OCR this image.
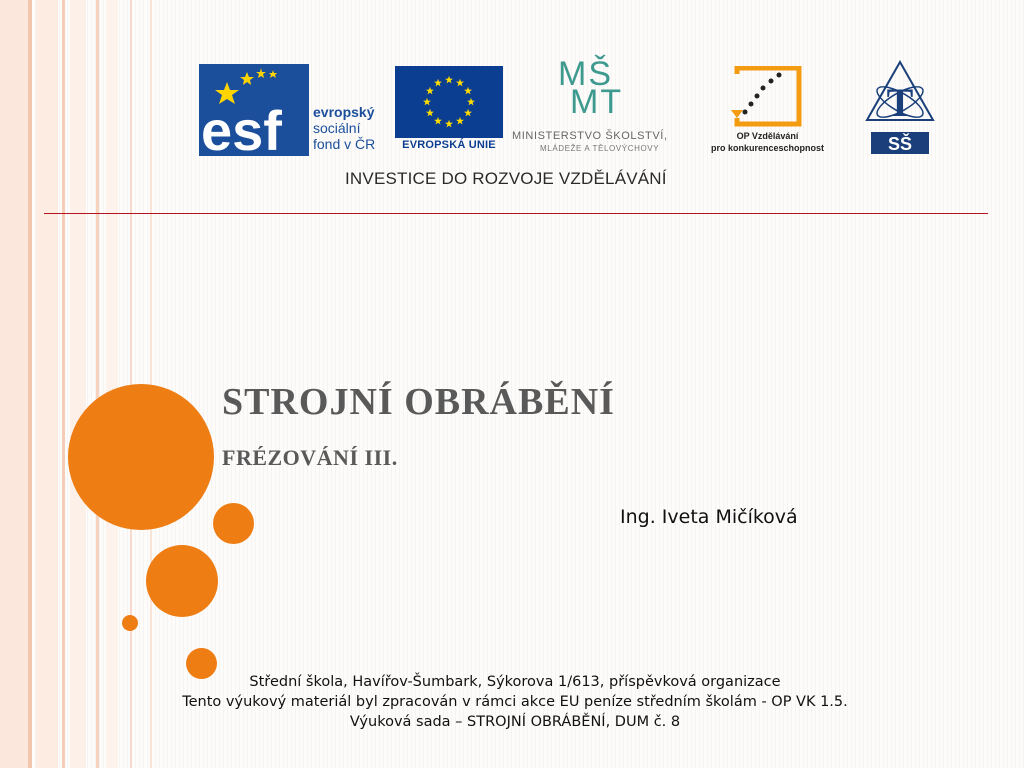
esf evropský
sociální
fond v ČR	EVROPSKÁ UNIE
MŠ
MT
MINISTERSTVO ŠKOLSTVÍ,
MLÁDEŽE A TĚLOVÝCHOVY
OP Vzdělávání
pro konkurenceschopnost
T
SŠ
INVESTICE DO ROZVOJE VZDĚLÁVÁNÍ
STROJNÍ OBRÁBĚNÍ
FRÉZOVÁNÍ III.
Ing. Iveta Mičíková
Střední škola, Havířov-Šumbark, Sýkorova 1/613, příspěvková organizace
Tento výukový materiál byl zpracován v rámci akce EU peníze středním školám - OP VK 1.5.
Výuková sada – STROJNÍ OBRÁBĚNÍ, DUM č. 8
